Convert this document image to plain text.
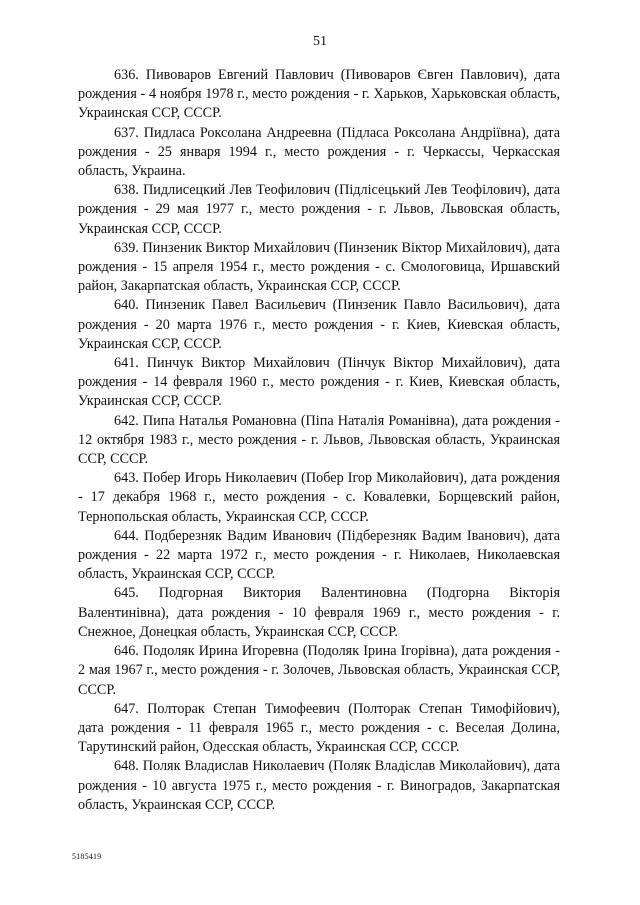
51

636. Пивоваров Евгений Павлович (Пивоваров Євген Павлович), дата рождения - 4 ноября 1978 г., место рождения - г. Харьков, Харьковская область, Украинская ССР, СССР.

637. Пидласа Роксолана Андреевна (Підласа Роксолана Андріївна), дата рождения - 25 января 1994 г., место рождения - г. Черкассы, Черкасская область, Украина.

638. Пидлисецкий Лев Теофилович (Підлісецький Лев Теофілович), дата рождения - 29 мая 1977 г., место рождения - г. Львов, Львовская область, Украинская ССР, СССР.

639. Пинзеник Виктор Михайлович (Пинзеник Віктор Михайлович), дата рождения - 15 апреля 1954 г., место рождения - с. Смологовица, Иршавский район, Закарпатская область, Украинская ССР, СССР.

640. Пинзеник Павел Васильевич (Пинзеник Павло Васильович), дата рождения - 20 марта 1976 г., место рождения - г. Киев, Киевская область, Украинская ССР, СССР.

641. Пинчук Виктор Михайлович (Пінчук Віктор Михайлович), дата рождения - 14 февраля 1960 г., место рождения - г. Киев, Киевская область, Украинская ССР, СССР.

642. Пипа Наталья Романовна (Піпа Наталія Романівна), дата рождения - 12 октября 1983 г., место рождения - г. Львов, Львовская область, Украинская ССР, СССР.

643. Побер Игорь Николаевич (Побер Ігор Миколайович), дата рождения - 17 декабря 1968 г., место рождения - с. Ковалевки, Борщевский район, Тернопольская область, Украинская ССР, СССР.

644. Подберезняк Вадим Иванович (Підберезняк Вадим Іванович), дата рождения - 22 марта 1972 г., место рождения - г. Николаев, Николаевская область, Украинская ССР, СССР.

645. Подгорная Виктория Валентиновна (Подгорна Вікторія Валентинівна), дата рождения - 10 февраля 1969 г., место рождения - г. Снежное, Донецкая область, Украинская ССР, СССР.

646. Подоляк Ирина Игоревна (Подоляк Ірина Ігорівна), дата рождения - 2 мая 1967 г., место рождения - г. Золочев, Львовская область, Украинская ССР, СССР.

647. Полторак Степан Тимофеевич (Полторак Степан Тимофійович), дата рождения - 11 февраля 1965 г., место рождения - с. Веселая Долина, Тарутинский район, Одесская область, Украинская ССР, СССР.

648. Поляк Владислав Николаевич (Поляк Владіслав Миколайович), дата рождения - 10 августа 1975 г., место рождения - г. Виноградов, Закарпатская область, Украинская ССР, СССР.

5185419
